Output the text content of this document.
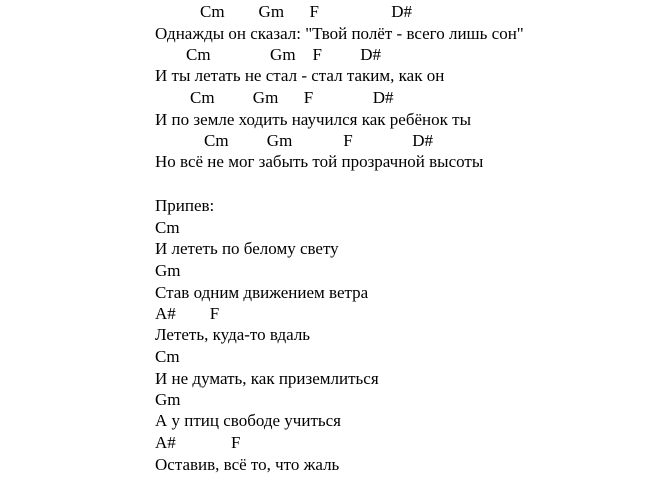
Cm        Gm      F                 D#
Однажды он сказал: "Твой полёт - всего лишь сон"
Cm              Gm    F         D#
И ты летать не стал - стал таким, как он
Cm         Gm      F              D#
И по земле ходить научился как ребёнок ты
Cm         Gm            F              D#
Но всё не мог забыть той прозрачной высоты
Припев:
Cm
И лететь по белому свету
Gm
Став одним движением ветра
A#        F
Лететь, куда-то вдаль
Cm
И не думать, как приземлиться
Gm
А у птиц свободе учиться
A#             F
Оставив, всё то, что жаль
